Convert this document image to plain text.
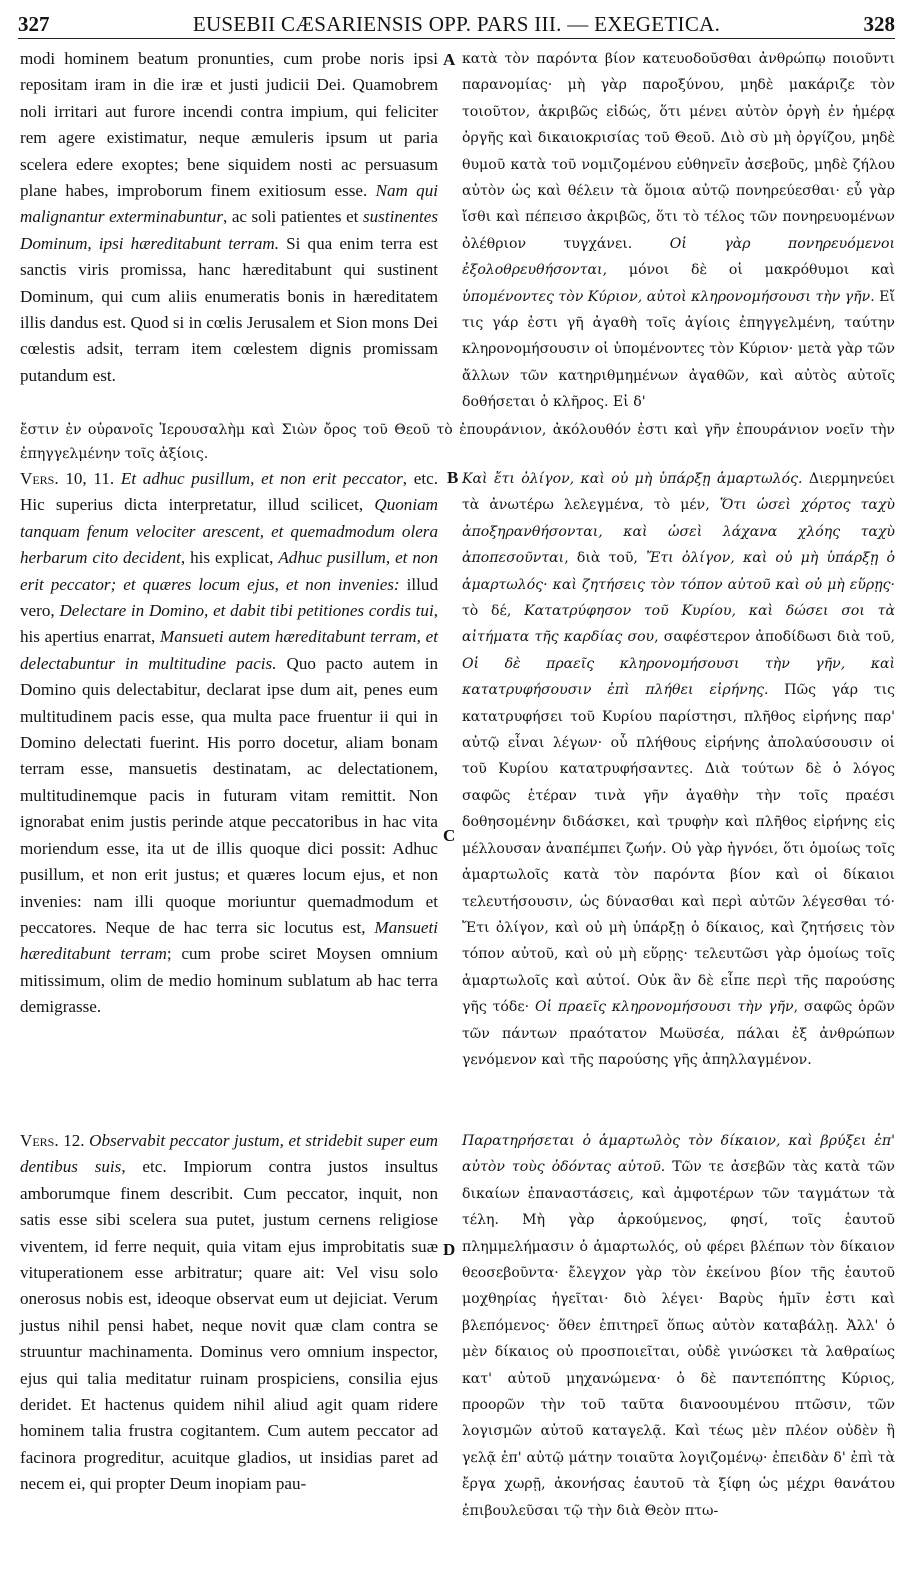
327	EUSEBII CÆSARIENSIS OPP. PARS III. — EXEGETICA.	328
A
B
C
D

modi hominem beatum pronunties, cum probe noris ipsi repositam iram in die iræ et justi judicii Dei. Quamobrem noli irritari aut furore incendi contra impium, qui feliciter rem agere existimatur, neque æmuleris ipsum ut paria scelera edere exoptes; bene siquidem nosti ac persuasum plane habes, improborum finem exitiosum esse. Nam qui malignantur exterminabuntur, ac soli patientes et sustinentes Dominum, ipsi hæreditabunt terram. Si qua enim terra est sanctis viris promissa, hanc hæreditabunt qui sustinent Dominum, qui cum aliis enumeratis bonis in hæreditatem illis dandus est. Quod si in cœlis Jerusalem et Sion mons Dei cœlestis adsit, terram item cœlestem dignis promissam putandum est.

κατὰ τὸν παρόντα βίον κατευοδοῦσθαι ἀνθρώπῳ ποιοῦντι παρανομίας· μὴ γὰρ παροξύνου, μηδὲ μακάριζε τὸν τοιοῦτον, ἀκριβῶς εἰδώς, ὅτι μένει αὐτὸν ὀργὴ ἐν ἡμέρᾳ ὀργῆς καὶ δικαιοκρισίας τοῦ Θεοῦ. Διὸ σὺ μὴ ὀργίζου, μηδὲ θυμοῦ κατὰ τοῦ νομιζομένου εὐθηνεῖν ἀσεβοῦς, μηδὲ ζήλου αὐτὸν ὡς καὶ θέλειν τὰ ὅμοια αὐτῷ πονηρεύεσθαι· εὖ γὰρ ἴσθι καὶ πέπεισο ἀκριβῶς, ὅτι τὸ τέλος τῶν πονηρευομένων ὀλέθριον τυγχάνει. Οἱ γὰρ πονηρευόμενοι ἐξολοθρευθήσονται, μόνοι δὲ οἱ μακρόθυμοι καὶ ὑπομένοντες τὸν Κύριον, αὐτοὶ κληρονομήσουσι τὴν γῆν. Εἴ τις γάρ ἐστι γῆ ἀγαθὴ τοῖς ἁγίοις ἐπηγγελμένη, ταύτην κληρονομήσουσιν οἱ ὑπομένοντες τὸν Κύριον· μετὰ γὰρ τῶν ἄλλων τῶν κατηριθμημένων ἀγαθῶν, καὶ αὐτὸς αὐτοῖς δοθήσεται ὁ κλῆρος. Εἰ δ'

ἔστιν ἐν οὐρανοῖς Ἱερουσαλὴμ καὶ Σιὼν ὄρος τοῦ Θεοῦ τὸ ἐπουράνιον, ἀκόλουθόν ἐστι καὶ γῆν ἐπουράνιον νοεῖν τὴν ἐπηγγελμένην τοῖς ἀξίοις.

Vers. 10, 11. Et adhuc pusillum, et non erit peccator, etc. Hic superius dicta interpretatur, illud scilicet, Quoniam tanquam fenum velociter arescent, et quemadmodum olera herbarum cito decident, his explicat, Adhuc pusillum, et non erit peccator; et quæres locum ejus, et non invenies: illud vero, Delectare in Domino, et dabit tibi petitiones cordis tui, his apertius enarrat, Mansueti autem hæreditabunt terram, et delectabuntur in multitudine pacis. Quo pacto autem in Domino quis delectabitur, declarat ipse dum ait, penes eum multitudinem pacis esse, qua multa pace fruentur ii qui in Domino delectati fuerint. His porro docetur, aliam bonam terram esse, mansuetis destinatam, ac delectationem, multitudinemque pacis in futuram vitam remittit. Non ignorabat enim justis perinde atque peccatoribus in hac vita moriendum esse, ita ut de illis quoque dici possit: Adhuc pusillum, et non erit justus; et quæres locum ejus, et non invenies: nam illi quoque moriuntur quemadmodum et peccatores. Neque de hac terra sic locutus est, Mansueti hæreditabunt terram; cum probe sciret Moysen omnium mitissimum, olim de medio hominum sublatum ab hac terra demigrasse.

Καὶ ἔτι ὀλίγον, καὶ οὐ μὴ ὑπάρξῃ ἁμαρτωλός. Διερμηνεύει τὰ ἀνωτέρω λελεγμένα, τὸ μέν, Ὅτι ὡσεὶ χόρτος ταχὺ ἀποξηρανθήσονται, καὶ ὡσεὶ λάχανα χλόης ταχὺ ἀποπεσοῦνται, διὰ τοῦ, Ἔτι ὀλίγον, καὶ οὐ μὴ ὑπάρξῃ ὁ ἁμαρτωλός· καὶ ζητήσεις τὸν τόπον αὐτοῦ καὶ οὐ μὴ εὕρῃς· τὸ δέ, Κατατρύφησον τοῦ Κυρίου, καὶ δώσει σοι τὰ αἰτήματα τῆς καρδίας σου, σαφέστερον ἀποδίδωσι διὰ τοῦ, Οἱ δὲ πραεῖς κληρονομήσουσι τὴν γῆν, καὶ κατατρυφήσουσιν ἐπὶ πλήθει εἰρήνης. Πῶς γάρ τις κατατρυφήσει τοῦ Κυρίου παρίστησι, πλῆθος εἰρήνης παρ' αὐτῷ εἶναι λέγων· οὗ πλήθους εἰρήνης ἀπολαύσουσιν οἱ τοῦ Κυρίου κατατρυφήσαντες. Διὰ τούτων δὲ ὁ λόγος σαφῶς ἑτέραν τινὰ γῆν ἀγαθὴν τὴν τοῖς πραέσι δοθησομένην διδάσκει, καὶ τρυφὴν καὶ πλῆθος εἰρήνης εἰς μέλλουσαν ἀναπέμπει ζωήν. Οὐ γὰρ ἠγνόει, ὅτι ὁμοίως τοῖς ἁμαρτωλοῖς κατὰ τὸν παρόντα βίον καὶ οἱ δίκαιοι τελευτήσουσιν, ὡς δύνασθαι καὶ περὶ αὐτῶν λέγεσθαι τό· Ἔτι ὀλίγον, καὶ οὐ μὴ ὑπάρξῃ ὁ δίκαιος, καὶ ζητήσεις τὸν τόπον αὐτοῦ, καὶ οὐ μὴ εὕρῃς· τελευτῶσι γὰρ ὁμοίως τοῖς ἁμαρτωλοῖς καὶ αὐτοί. Οὐκ ἂν δὲ εἶπε περὶ τῆς παρούσης γῆς τόδε· Οἱ πραεῖς κληρονομήσουσι τὴν γῆν, σαφῶς ὁρῶν τῶν πάντων πραότατον Μωϋσέα, πάλαι ἐξ ἀνθρώπων γενόμενον καὶ τῆς παρούσης γῆς ἀπηλλαγμένον.

Vers. 12. Observabit peccator justum, et stridebit super eum dentibus suis, etc. Impiorum contra justos insultus amborumque finem describit. Cum peccator, inquit, non satis esse sibi scelera sua putet, justum cernens religiose viventem, id ferre nequit, quia vitam ejus improbitatis suæ vituperationem esse arbitratur; quare ait: Vel visu solo onerosus nobis est, ideoque observat eum ut dejiciat. Verum justus nihil pensi habet, neque novit quæ clam contra se struuntur machinamenta. Dominus vero omnium inspector, ejus qui talia meditatur ruinam prospiciens, consilia ejus deridet. Et hactenus quidem nihil aliud agit quam ridere hominem talia frustra cogitantem. Cum autem peccator ad facinora progreditur, acuitque gladios, ut insidias paret ad necem ei, qui propter Deum inopiam pau-

Παρατηρήσεται ὁ ἁμαρτωλὸς τὸν δίκαιον, καὶ βρύξει ἐπ' αὐτὸν τοὺς ὀδόντας αὐτοῦ. Τῶν τε ἀσεβῶν τὰς κατὰ τῶν δικαίων ἐπαναστάσεις, καὶ ἀμφοτέρων τῶν ταγμάτων τὰ τέλη. Μὴ γὰρ ἀρκούμενος, φησί, τοῖς ἑαυτοῦ πλημμελήμασιν ὁ ἁμαρτωλός, οὐ φέρει βλέπων τὸν δίκαιον θεοσεβοῦντα· ἔλεγχον γὰρ τὸν ἐκείνου βίον τῆς ἑαυτοῦ μοχθηρίας ἡγεῖται· διὸ λέγει· Βαρὺς ἡμῖν ἐστι καὶ βλεπόμενος· ὅθεν ἐπιτηρεῖ ὅπως αὐτὸν καταβάλῃ. Ἀλλ' ὁ μὲν δίκαιος οὐ προσποιεῖται, οὐδὲ γινώσκει τὰ λαθραίως κατ' αὐτοῦ μηχανώμενα· ὁ δὲ παντεπόπτης Κύριος, προορῶν τὴν τοῦ ταῦτα διανοουμένου πτῶσιν, τῶν λογισμῶν αὐτοῦ καταγελᾷ. Καὶ τέως μὲν πλέον οὐδὲν ἢ γελᾷ ἐπ' αὐτῷ μάτην τοιαῦτα λογιζομένῳ· ἐπειδὰν δ' ἐπὶ τὰ ἔργα χωρῇ, ἀκονήσας ἑαυτοῦ τὰ ξίφη ὡς μέχρι θανάτου ἐπιβουλεῦσαι τῷ τὴν διὰ Θεὸν πτω-
